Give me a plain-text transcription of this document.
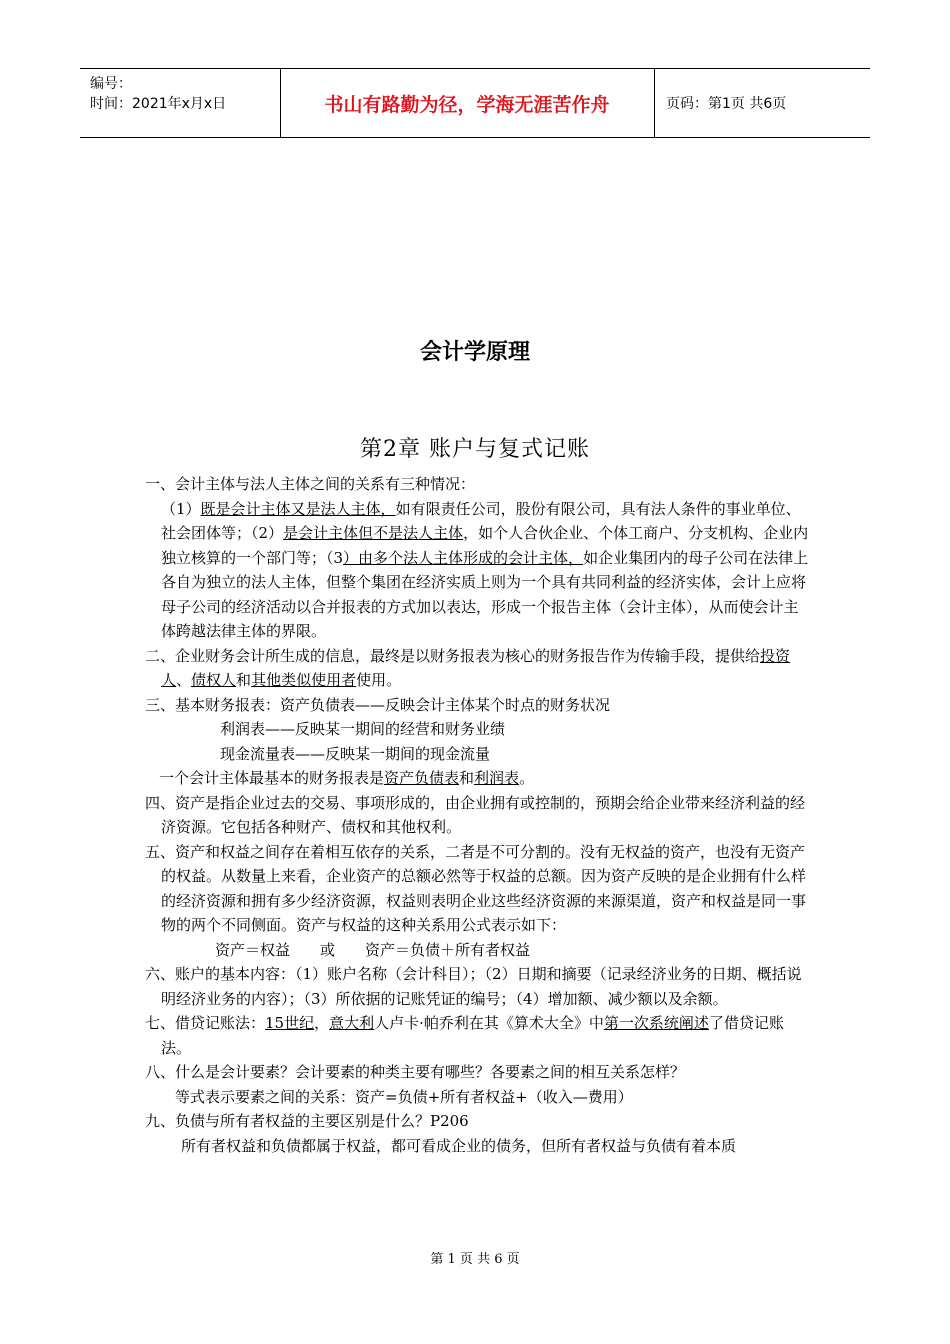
编号：
时间：2021年x月x日	书山有路勤为径，学海无涯苦作舟	页码：第1页 共6页
会计学原理
第2章 账户与复式记账
一、会计主体与法人主体之间的关系有三种情况：
（1）既是会计主体又是法人主体，如有限责任公司，股份有限公司，具有法人条件的事业单位、社会团体等；（2）是会计主体但不是法人主体，如个人合伙企业、个体工商户、分支机构、企业内独立核算的一个部门等；（3）由多个法人主体形成的会计主体，如企业集团内的母子公司在法律上各自为独立的法人主体，但整个集团在经济实质上则为一个具有共同利益的经济实体，会计上应将母子公司的经济活动以合并报表的方式加以表达，形成一个报告主体（会计主体），从而使会计主体跨越法律主体的界限。
二、企业财务会计所生成的信息，最终是以财务报表为核心的财务报告作为传输手段，提供给投资人、债权人和其他类似使用者使用。
三、基本财务报表：资产负债表——反映会计主体某个时点的财务状况
利润表——反映某一期间的经营和财务业绩
现金流量表——反映某一期间的现金流量
一个会计主体最基本的财务报表是资产负债表和利润表。
四、资产是指企业过去的交易、事项形成的，由企业拥有或控制的，预期会给企业带来经济利益的经济资源。它包括各种财产、债权和其他权利。
五、资产和权益之间存在着相互依存的关系，二者是不可分割的。没有无权益的资产，也没有无资产的权益。从数量上来看，企业资产的总额必然等于权益的总额。因为资产反映的是企业拥有什么样的经济资源和拥有多少经济资源，权益则表明企业这些经济资源的来源渠道，资产和权益是同一事物的两个不同侧面。资产与权益的这种关系用公式表示如下：
资产＝权益　　或　　资产＝负债＋所有者权益
六、账户的基本内容：（1）账户名称（会计科目）；（2）日期和摘要（记录经济业务的日期、概括说明经济业务的内容）；（3）所依据的记账凭证的编号；（4）增加额、减少额以及余额。
七、借贷记账法：15世纪，意大利人卢卡·帕乔利在其《算术大全》中第一次系统阐述了借贷记账法。
八、什么是会计要素？会计要素的种类主要有哪些？各要素之间的相互关系怎样？
等式表示要素之间的关系：资产=负债+所有者权益+（收入—费用）
九、负债与所有者权益的主要区别是什么？P206
所有者权益和负债都属于权益，都可看成企业的债务，但所有者权益与负债有着本质
第 1 页 共 6 页
